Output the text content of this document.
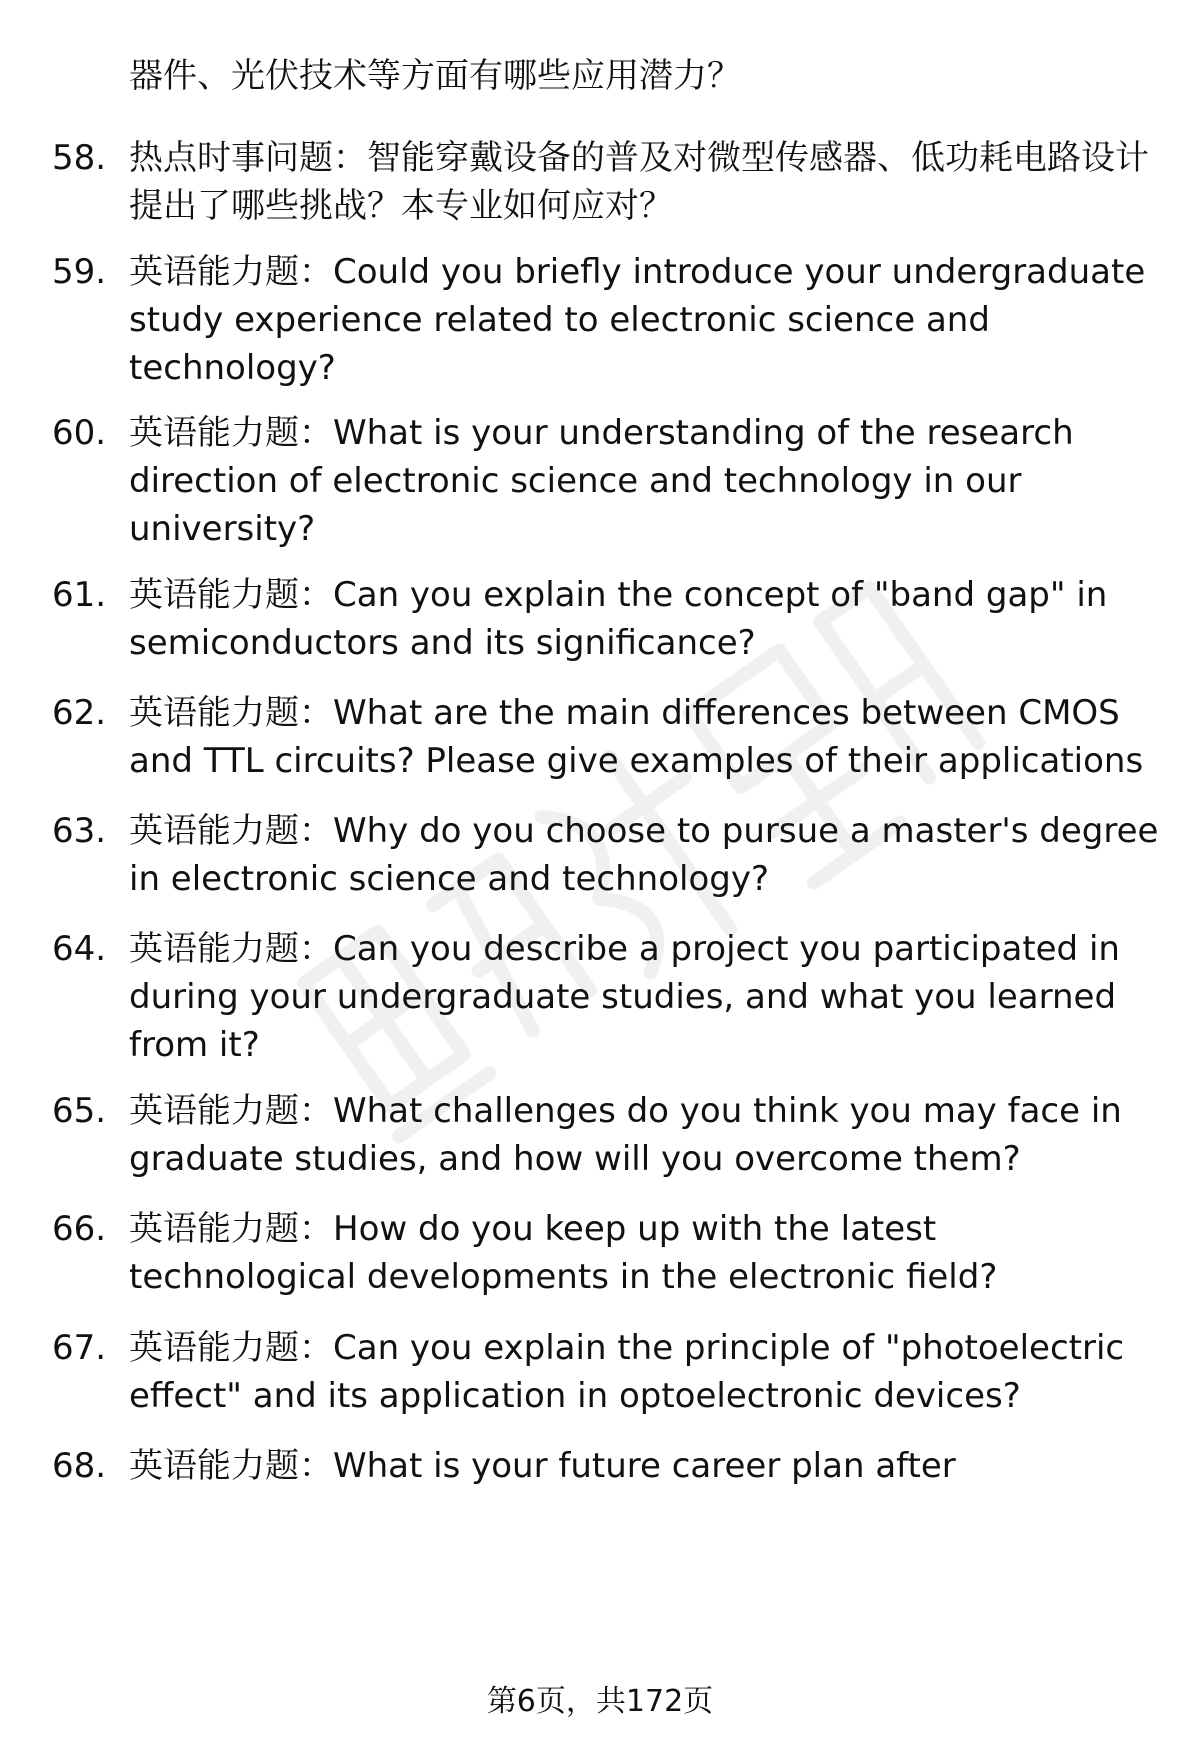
器件、光伏技术等方面有哪些应用潜力？
58. 热点时事问题：智能穿戴设备的普及对微型传感器、低功耗电路设计提出了哪些挑战？本专业如何应对？
59. 英语能力题：Could you briefly introduce your undergraduate study experience related to electronic science and technology?
60. 英语能力题：What is your understanding of the research direction of electronic science and technology in our university?
61. 英语能力题：Can you explain the concept of "band gap" in semiconductors and its significance?
62. 英语能力题：What are the main differences between CMOS and TTL circuits? Please give examples of their applications
63. 英语能力题：Why do you choose to pursue a master's degree in electronic science and technology?
64. 英语能力题：Can you describe a project you participated in during your undergraduate studies, and what you learned from it?
65. 英语能力题：What challenges do you think you may face in graduate studies, and how will you overcome them?
66. 英语能力题：How do you keep up with the latest technological developments in the electronic field?
67. 英语能力题：Can you explain the principle of "photoelectric effect" and its application in optoelectronic devices?
68. 英语能力题：What is your future career plan after
第6页，共172页
